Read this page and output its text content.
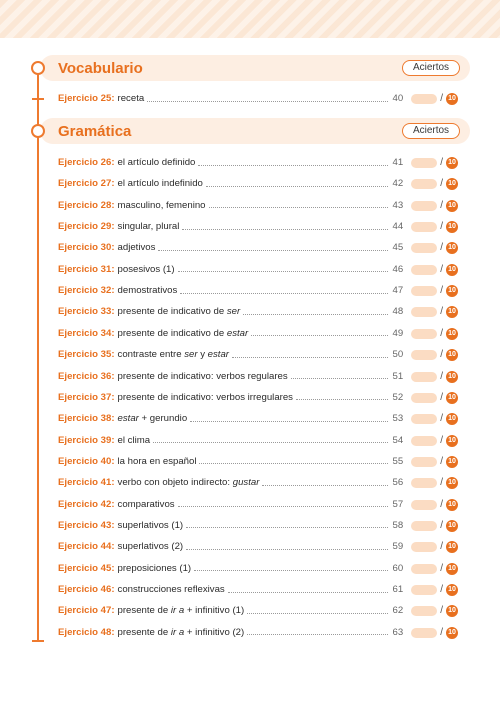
Vocabulario	Aciertos
Ejercicio 25: receta	40	/ 10
Gramática	Aciertos
Ejercicio 26: el artículo definido	41	/ 10
Ejercicio 27: el artículo indefinido	42	/ 10
Ejercicio 28: masculino, femenino	43	/ 10
Ejercicio 29: singular, plural	44	/ 10
Ejercicio 30: adjetivos	45	/ 10
Ejercicio 31: posesivos (1)	46	/ 10
Ejercicio 32: demostrativos	47	/ 10
Ejercicio 33: presente de indicativo de ser	48	/ 10
Ejercicio 34: presente de indicativo de estar	49	/ 10
Ejercicio 35: contraste entre ser y estar	50	/ 10
Ejercicio 36: presente de indicativo: verbos regulares	51	/ 10
Ejercicio 37: presente de indicativo: verbos irregulares	52	/ 10
Ejercicio 38: estar + gerundio	53	/ 10
Ejercicio 39: el clima	54	/ 10
Ejercicio 40: la hora en español	55	/ 10
Ejercicio 41: verbo con objeto indirecto: gustar	56	/ 10
Ejercicio 42: comparativos	57	/ 10
Ejercicio 43: superlativos (1)	58	/ 10
Ejercicio 44: superlativos (2)	59	/ 10
Ejercicio 45: preposiciones (1)	60	/ 10
Ejercicio 46: construcciones reflexivas	61	/ 10
Ejercicio 47: presente de ir a + infinitivo (1)	62	/ 10
Ejercicio 48: presente de ir a + infinitivo (2)	63	/ 10
